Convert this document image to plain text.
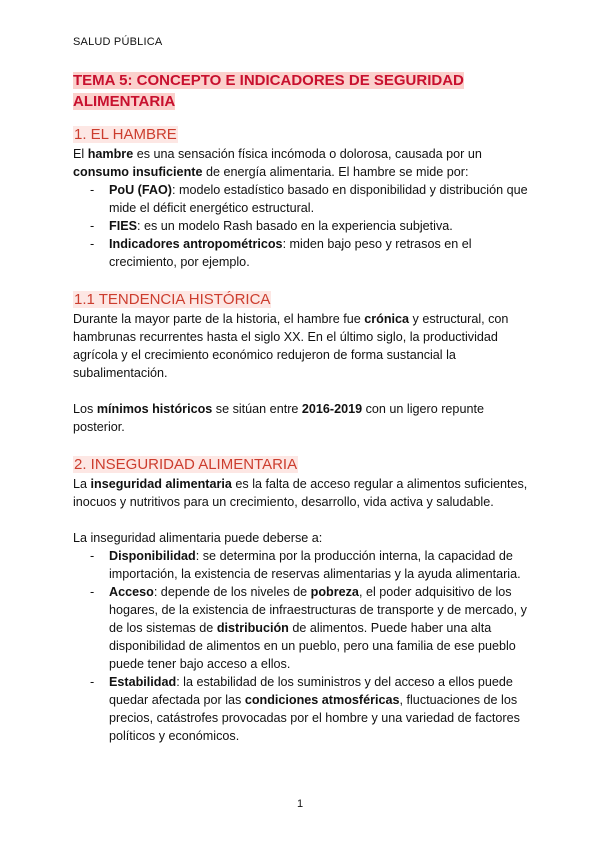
SALUD PÚBLICA
TEMA 5: CONCEPTO E INDICADORES DE SEGURIDAD ALIMENTARIA
1. EL HAMBRE

El hambre es una sensación física incómoda o dolorosa, causada por un consumo insuficiente de energía alimentaria. El hambre se mide por:

- PoU (FAO): modelo estadístico basado en disponibilidad y distribución que mide el déficit energético estructural.
- FIES: es un modelo Rash basado en la experiencia subjetiva.
- Indicadores antropométricos: miden bajo peso y retrasos en el crecimiento, por ejemplo.
1.1 TENDENCIA HISTÓRICA

Durante la mayor parte de la historia, el hambre fue crónica y estructural, con hambrunas recurrentes hasta el siglo XX. En el último siglo, la productividad agrícola y el crecimiento económico redujeron de forma sustancial la subalimentación.

Los mínimos históricos se sitúan entre 2016-2019 con un ligero repunte posterior.

2. INSEGURIDAD ALIMENTARIA

La inseguridad alimentaria es la falta de acceso regular a alimentos suficientes, inocuos y nutritivos para un crecimiento, desarrollo, vida activa y saludable.

La inseguridad alimentaria puede deberse a:

- Disponibilidad: se determina por la producción interna, la capacidad de importación, la existencia de reservas alimentarias y la ayuda alimentaria.
- Acceso: depende de los niveles de pobreza, el poder adquisitivo de los hogares, de la existencia de infraestructuras de transporte y de mercado, y de los sistemas de distribución de alimentos. Puede haber una alta disponibilidad de alimentos en un pueblo, pero una familia de ese pueblo puede tener bajo acceso a ellos.
- Estabilidad: la estabilidad de los suministros y del acceso a ellos puede quedar afectada por las condiciones atmosféricas, fluctuaciones de los precios, catástrofes provocadas por el hombre y una variedad de factores políticos y económicos.
1
